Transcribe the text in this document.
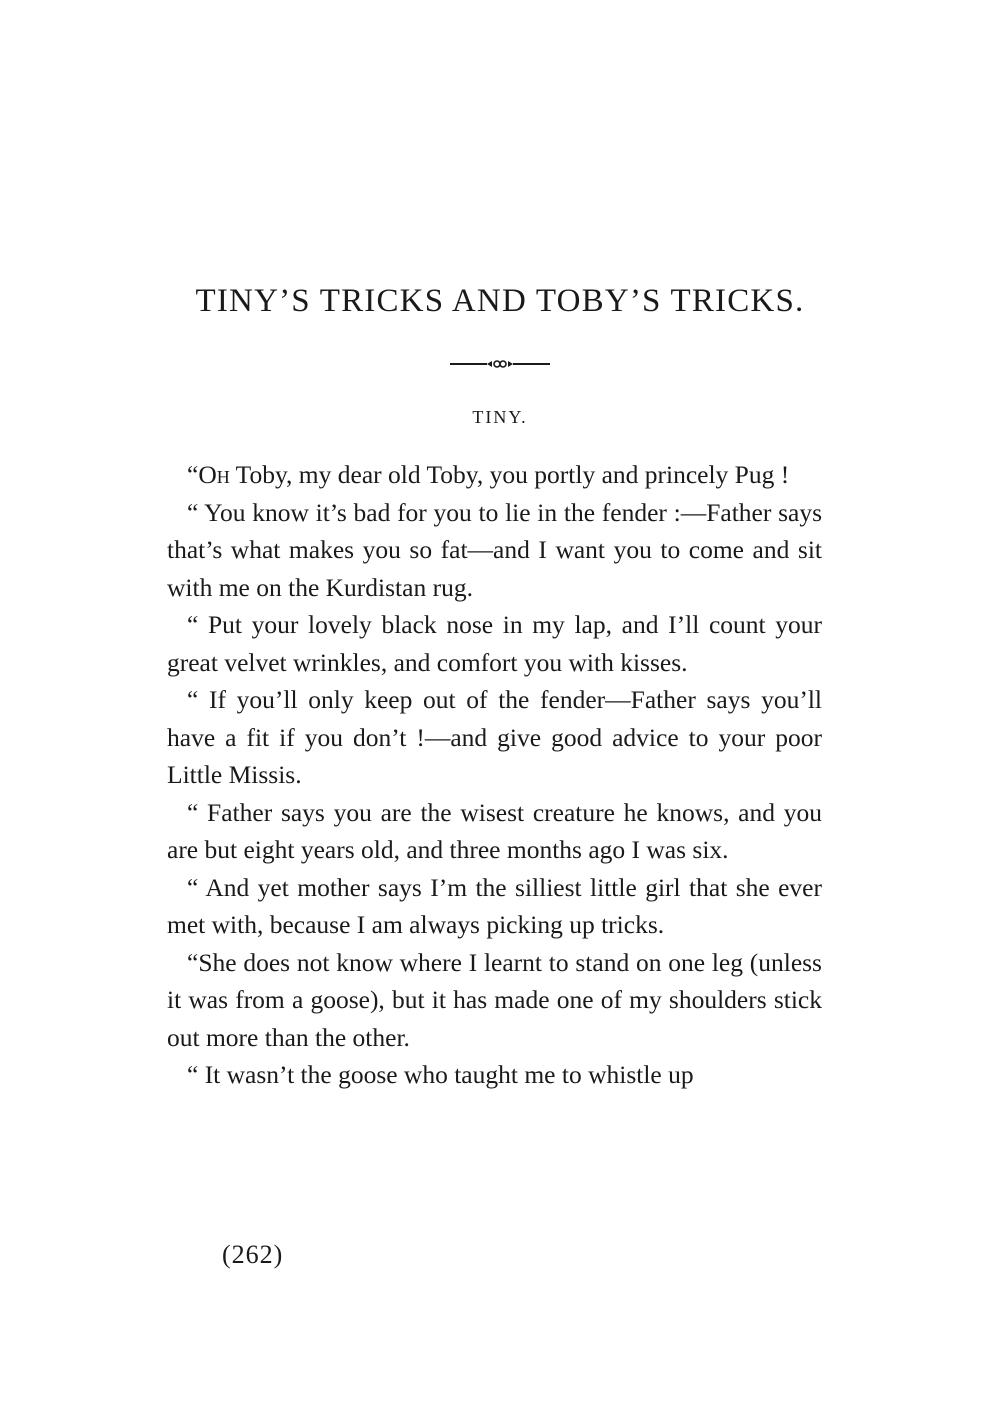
TINY’S TRICKS AND TOBY’S TRICKS.
TINY.

“Oh Toby, my dear old Toby, you portly and princely Pug !

“ You know it’s bad for you to lie in the fender :—Father says that’s what makes you so fat—and I want you to come and sit with me on the Kurdistan rug.

“ Put your lovely black nose in my lap, and I’ll count your great velvet wrinkles, and comfort you with kisses.

“ If you’ll only keep out of the fender—Father says you’ll have a fit if you don’t !—and give good advice to your poor Little Missis.

“ Father says you are the wisest creature he knows, and you are but eight years old, and three months ago I was six.

“ And yet mother says I’m the silliest little girl that she ever met with, because I am always picking up tricks.

“She does not know where I learnt to stand on one leg (unless it was from a goose), but it has made one of my shoulders stick out more than the other.

“ It wasn’t the goose who taught me to whistle up

(262)
